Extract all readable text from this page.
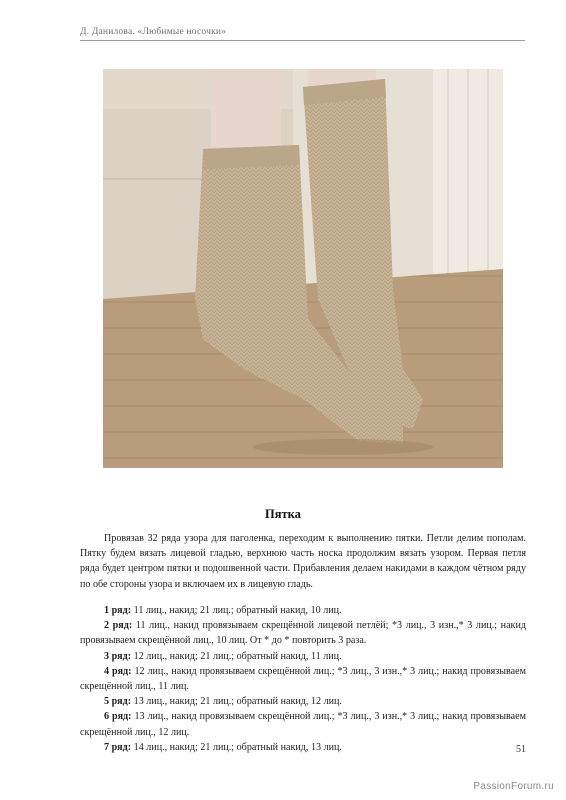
Д. Данилова. «Любимые носочки»
Пятка

Провязав 32 ряда узора для паголенка, переходим к выполнению пятки. Петли делим пополам. Пятку будем вязать лицевой гладью, верхнюю часть носка продолжим вязать узором. Первая петля ряда будет центром пятки и подошвенной части. Прибавления делаем накидами в каждом чётном ряду по обе стороны узора и включаем их в лицевую гладь.

1 ряд: 11 лиц., накид; 21 лиц.; обратный накид, 10 лиц.

2 ряд: 11 лиц., накид провязываем скрещённой лицевой петлёй; *3 лиц., 3 изн.,* 3 лиц.; накид провязываем скрещённой лиц., 10 лиц. От * до * повторить 3 раза.

3 ряд: 12 лиц., накид; 21 лиц.; обратный накид, 11 лиц.

4 ряд: 12 лиц., накид провязываем скрещённой лиц.; *3 лиц., 3 изн.,* 3 лиц.; накид провязываем скрещённой лиц., 11 лиц.

5 ряд: 13 лиц., накид; 21 лиц.; обратный накид, 12 лиц.

6 ряд: 13 лиц., накид провязываем скрещённой лиц.; *3 лиц., 3 изн.,* 3 лиц.; накид провязываем скрещённой лиц., 12 лиц.

7 ряд: 14 лиц., накид; 21 лиц.; обратный накид, 13 лиц.	51
PassionForum.ru
